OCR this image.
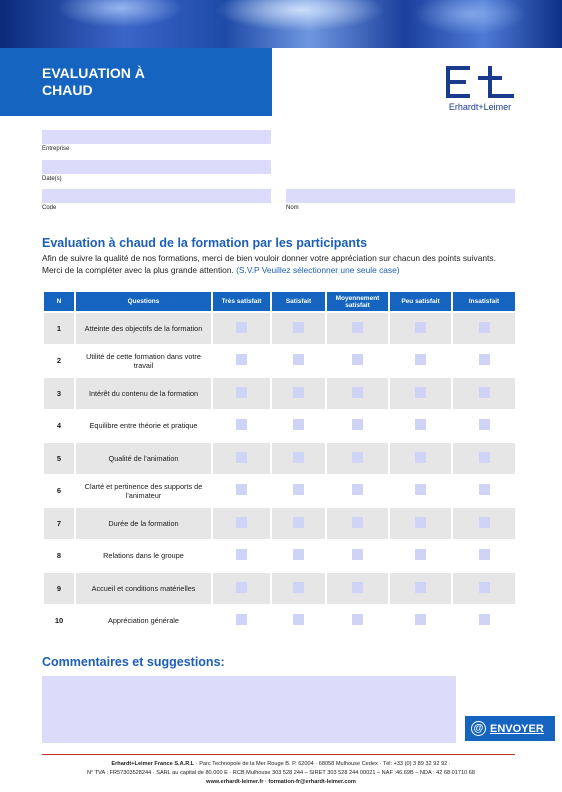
EVALUATION À
CHAUD
Erhardt+Leimer
Entreprise
Date(s)
Code	Nom
Evaluation à chaud de la formation par les participants
Afin de suivre la qualité de nos formations, merci de bien vouloir donner votre appréciation sur chacun des points suivants. Merci de la compléter avec la plus grande attention. (S.V.P Veuillez sélectionner une seule case)
N	Questions	Très satisfait	Satisfait	Moyennement satisfait	Peu satisfait	Insatisfait
1	Atteinte des objectifs de la formation					
2	Utilité de cette formation dans votre travail					
3	Intérêt du contenu de la formation					
4	Equilibre entre théorie et pratique					
5	Qualité de l'animation					
6	Clarté et pertinence des supports de l'animateur					
7	Durée de la formation					
8	Relations dans le groupe					
9	Accueil et conditions matérielles					
10	Appréciation générale					
Commentaires et suggestions:
@ ENVOYER
Erhardt+Leimer France S.A.R.L · Parc Technopole de la Mer Rouge B. P. 62004 · 68058 Mulhouse Cedex · Tél: +33 (0) 3 89 32 92 92 ·
N° TVA : FR57303528244 · SARL au capital de 80.000 E · RCB Mulhouse 303 528 244 – SIRET 303 528 244 00021 – NAF :46.69B – NDA : 42 68 01710 68
www.erhardt-leimer.fr · formation-fr@erhardt-leimer.com
